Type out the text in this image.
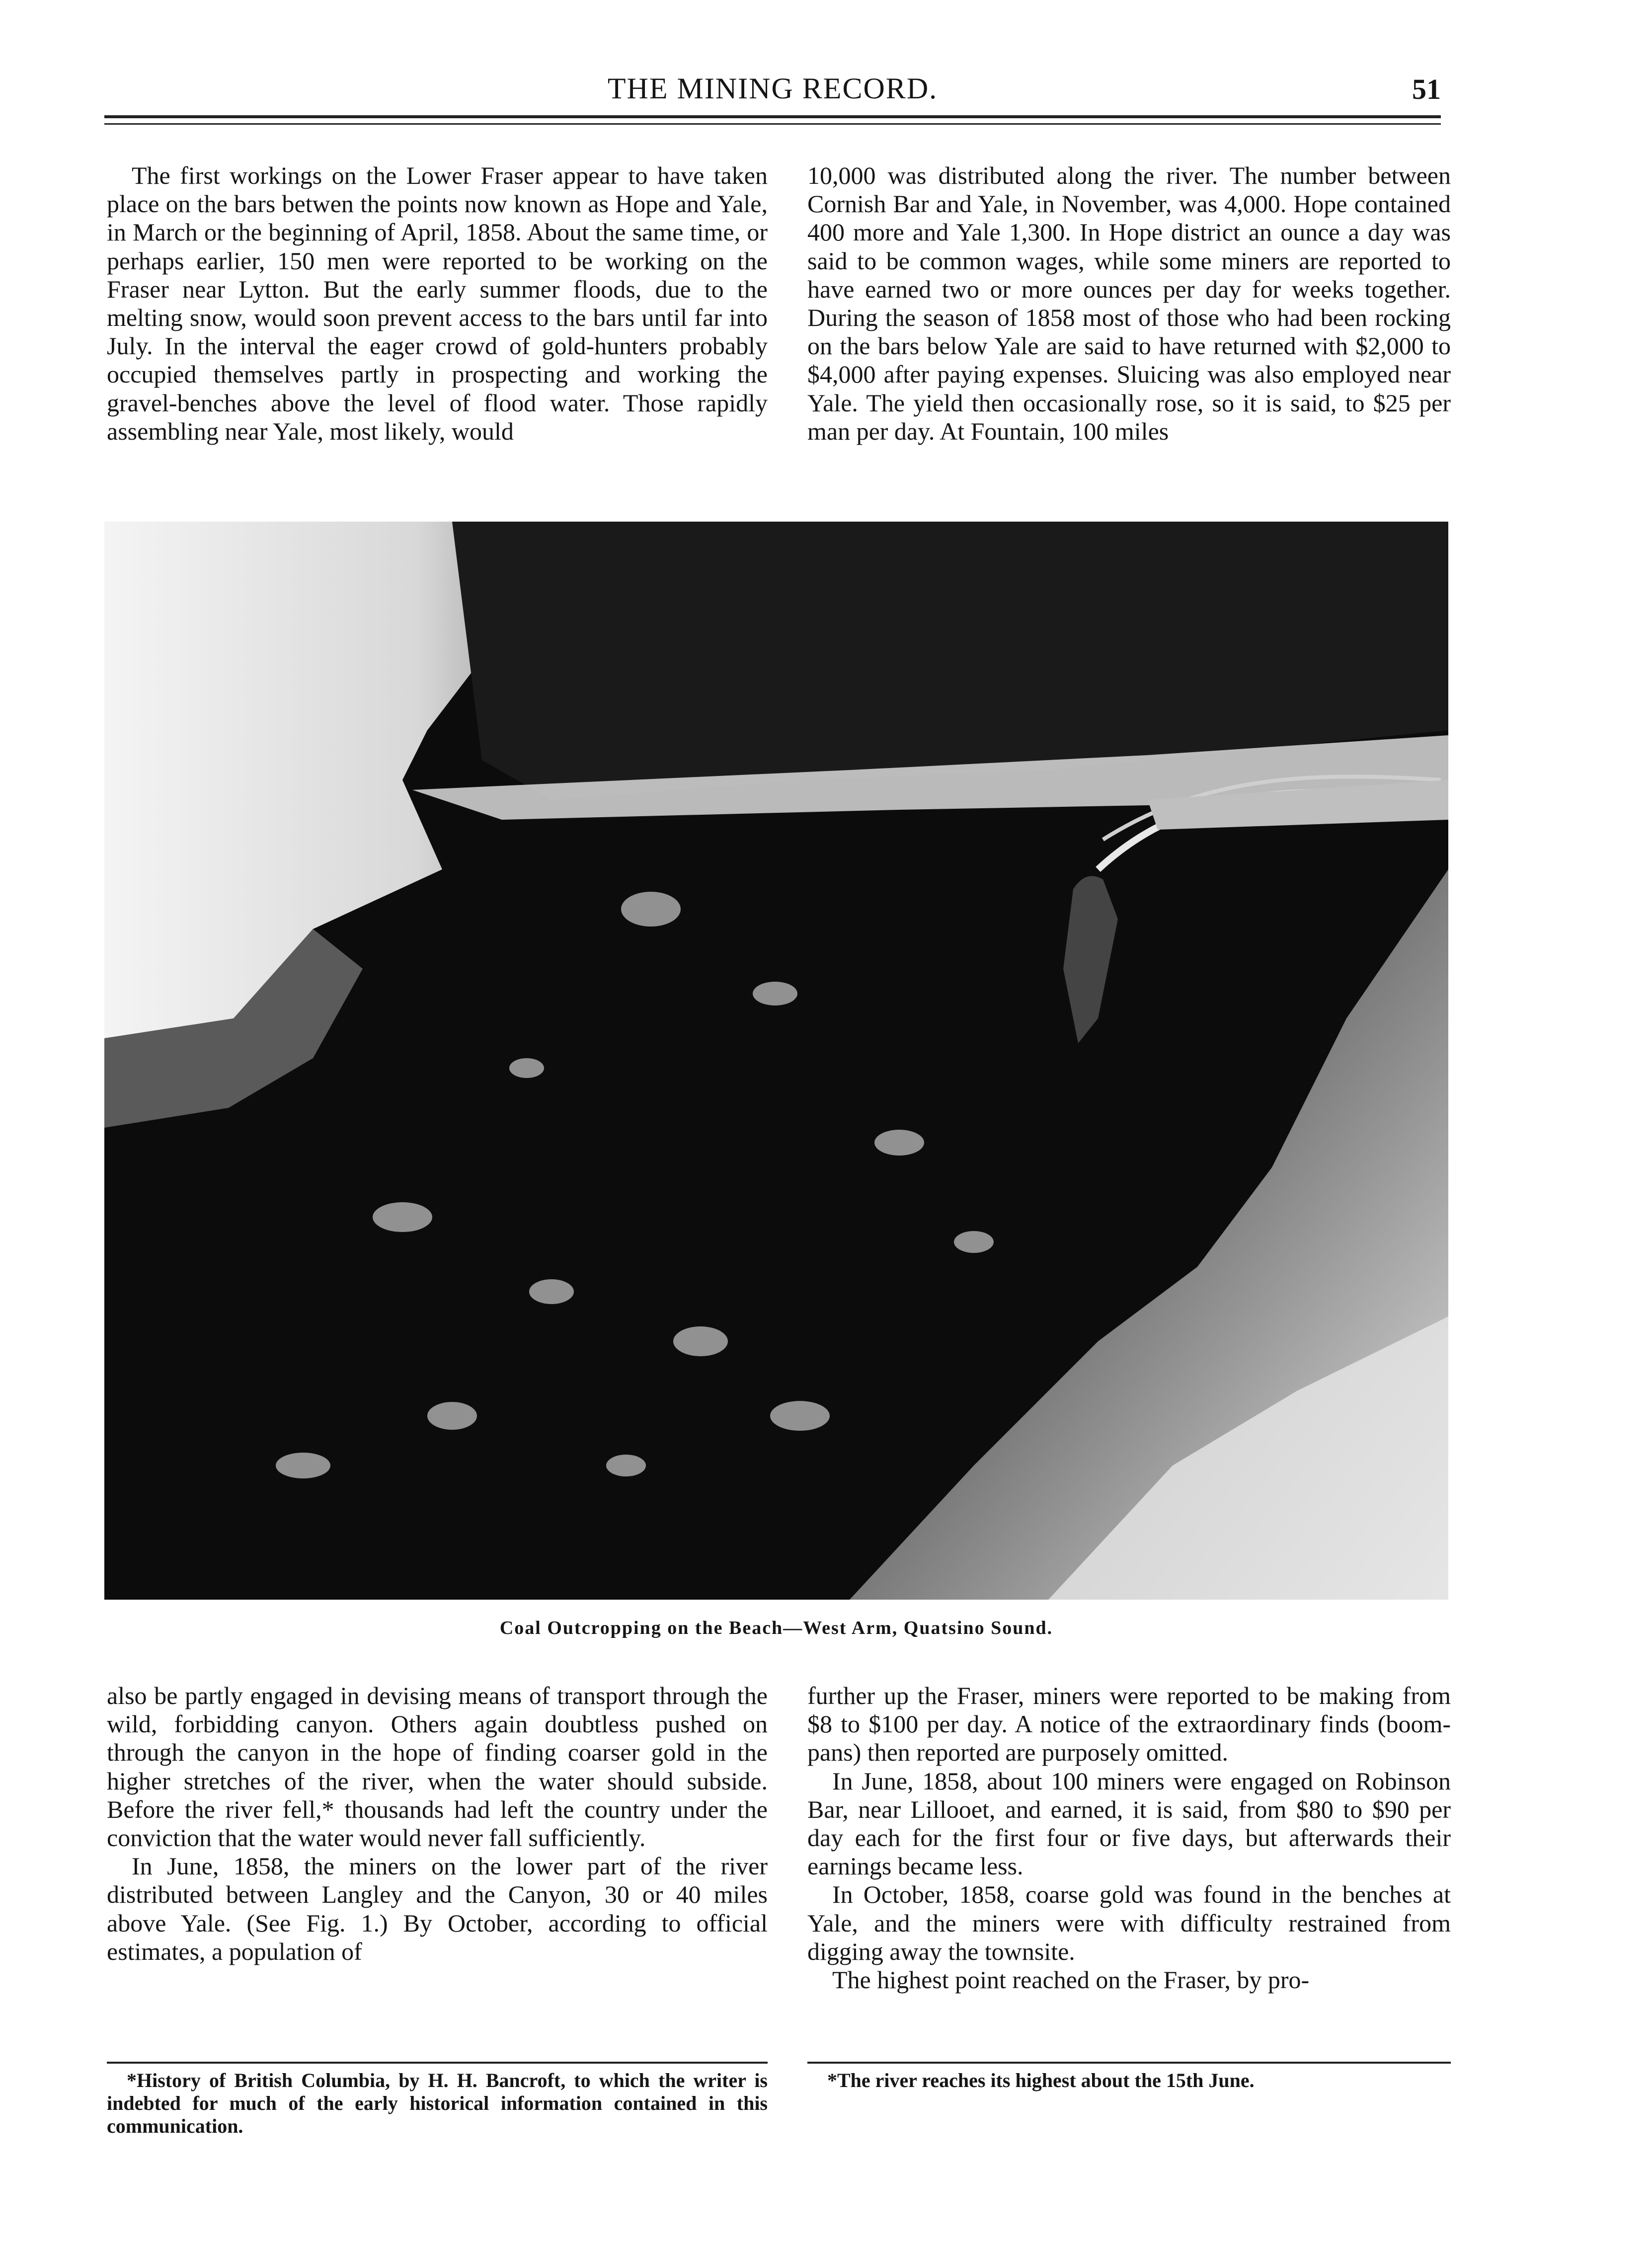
THE MINING RECORD.	51

The first workings on the Lower Fraser appear to have taken place on the bars betwen the points now known as Hope and Yale, in March or the beginning of April, 1858. About the same time, or perhaps earlier, 150 men were reported to be working on the Fraser near Lytton. But the early summer floods, due to the melting snow, would soon prevent access to the bars until far into July. In the interval the eager crowd of gold-hunters probably occupied themselves partly in prospecting and working the gravel-benches above the level of flood water. Those rapidly assembling near Yale, most likely, would

10,000 was distributed along the river. The number between Cornish Bar and Yale, in November, was 4,000. Hope contained 400 more and Yale 1,300. In Hope district an ounce a day was said to be common wages, while some miners are reported to have earned two or more ounces per day for weeks together. During the season of 1858 most of those who had been rocking on the bars below Yale are said to have returned with $2,000 to $4,000 after paying expenses. Sluicing was also employed near Yale. The yield then occasionally rose, so it is said, to $25 per man per day. At Fountain, 100 miles

Coal Outcropping on the Beach—West Arm, Quatsino Sound.

also be partly engaged in devising means of transport through the wild, forbidding canyon. Others again doubtless pushed on through the canyon in the hope of finding coarser gold in the higher stretches of the river, when the water should subside. Before the river fell,* thousands had left the country under the conviction that the water would never fall sufficiently.

In June, 1858, the miners on the lower part of the river distributed between Langley and the Canyon, 30 or 40 miles above Yale. (See Fig. 1.) By October, according to official estimates, a population of

further up the Fraser, miners were reported to be making from $8 to $100 per day. A notice of the extraordinary finds (boom-pans) then reported are purposely omitted.

In June, 1858, about 100 miners were engaged on Robinson Bar, near Lillooet, and earned, it is said, from $80 to $90 per day each for the first four or five days, but afterwards their earnings became less.

In October, 1858, coarse gold was found in the benches at Yale, and the miners were with difficulty restrained from digging away the townsite.

The highest point reached on the Fraser, by pro-

*History of British Columbia, by H. H. Bancroft, to which the writer is indebted for much of the early historical information contained in this communication.
*The river reaches its highest about the 15th June.
